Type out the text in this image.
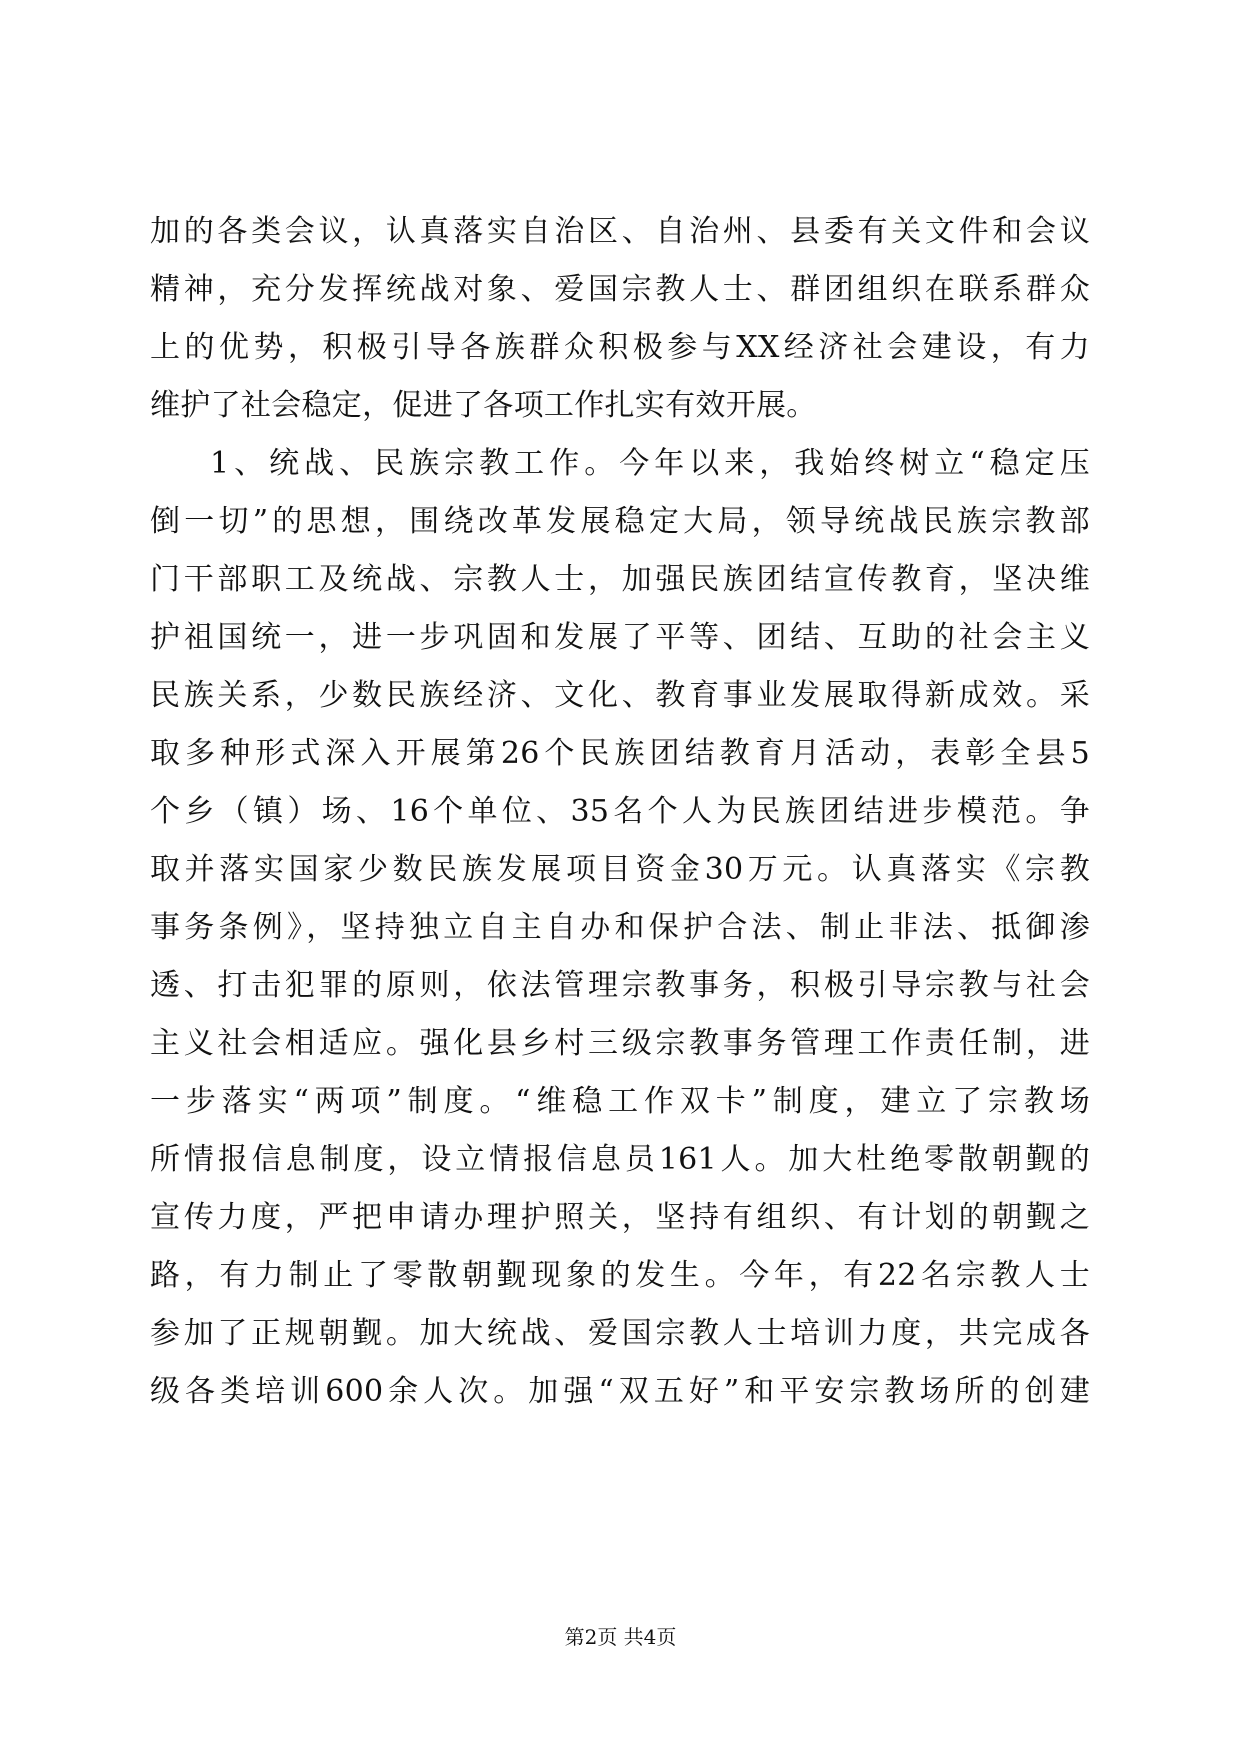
加的各类会议，认真落实自治区、自治州、县委有关文件和会议
精神，充分发挥统战对象、爱国宗教人士、群团组织在联系群众
上的优势，积极引导各族群众积极参与XX经济社会建设，有力
维护了社会稳定，促进了各项工作扎实有效开展。
1、统战、民族宗教工作。今年以来，我始终树立“稳定压
倒一切”的思想，围绕改革发展稳定大局，领导统战民族宗教部
门干部职工及统战、宗教人士，加强民族团结宣传教育，坚决维
护祖国统一，进一步巩固和发展了平等、团结、互助的社会主义
民族关系，少数民族经济、文化、教育事业发展取得新成效。采
取多种形式深入开展第26个民族团结教育月活动，表彰全县5
个乡（镇）场、16个单位、35名个人为民族团结进步模范。争
取并落实国家少数民族发展项目资金30万元。认真落实《宗教
事务条例》，坚持独立自主自办和保护合法、制止非法、抵御渗
透、打击犯罪的原则，依法管理宗教事务，积极引导宗教与社会
主义社会相适应。强化县乡村三级宗教事务管理工作责任制，进
一步落实“两项”制度。“维稳工作双卡”制度，建立了宗教场
所情报信息制度，设立情报信息员161人。加大杜绝零散朝觐的
宣传力度，严把申请办理护照关，坚持有组织、有计划的朝觐之
路，有力制止了零散朝觐现象的发生。今年，有22名宗教人士
参加了正规朝觐。加大统战、爱国宗教人士培训力度，共完成各
级各类培训600余人次。加强“双五好”和平安宗教场所的创建
第2页 共4页
